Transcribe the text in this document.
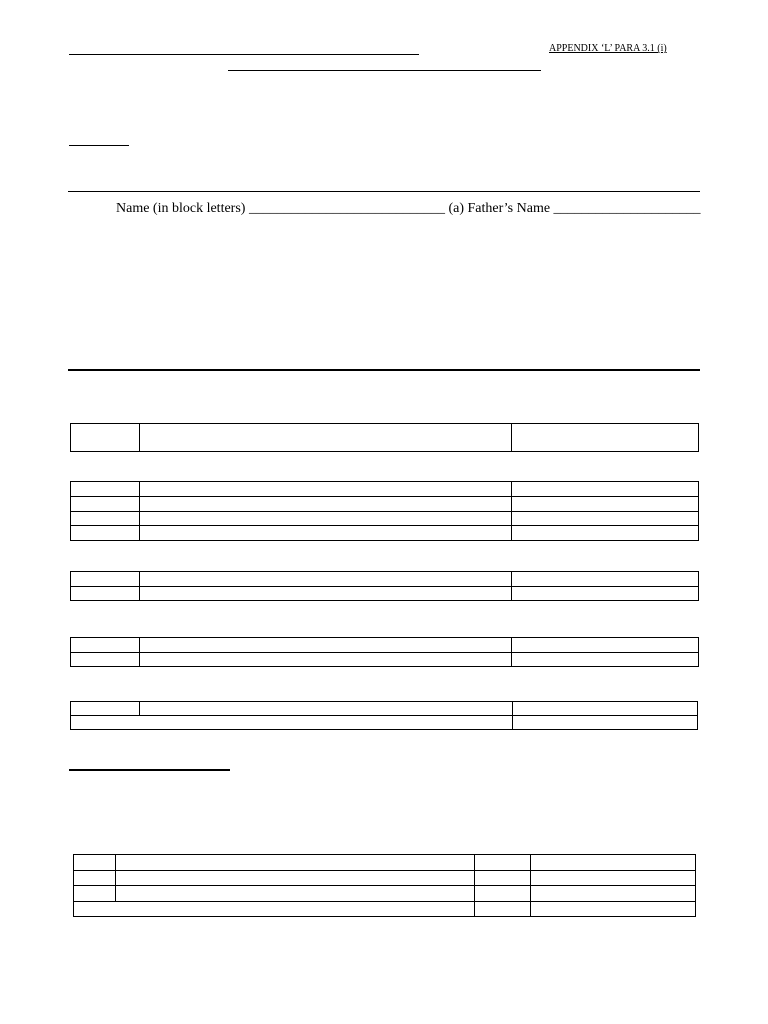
APPENDIX ‘L’ PARA 3.1 (i)
Name (in block letters) ____________________________ (a) Father’s Name _____________________
